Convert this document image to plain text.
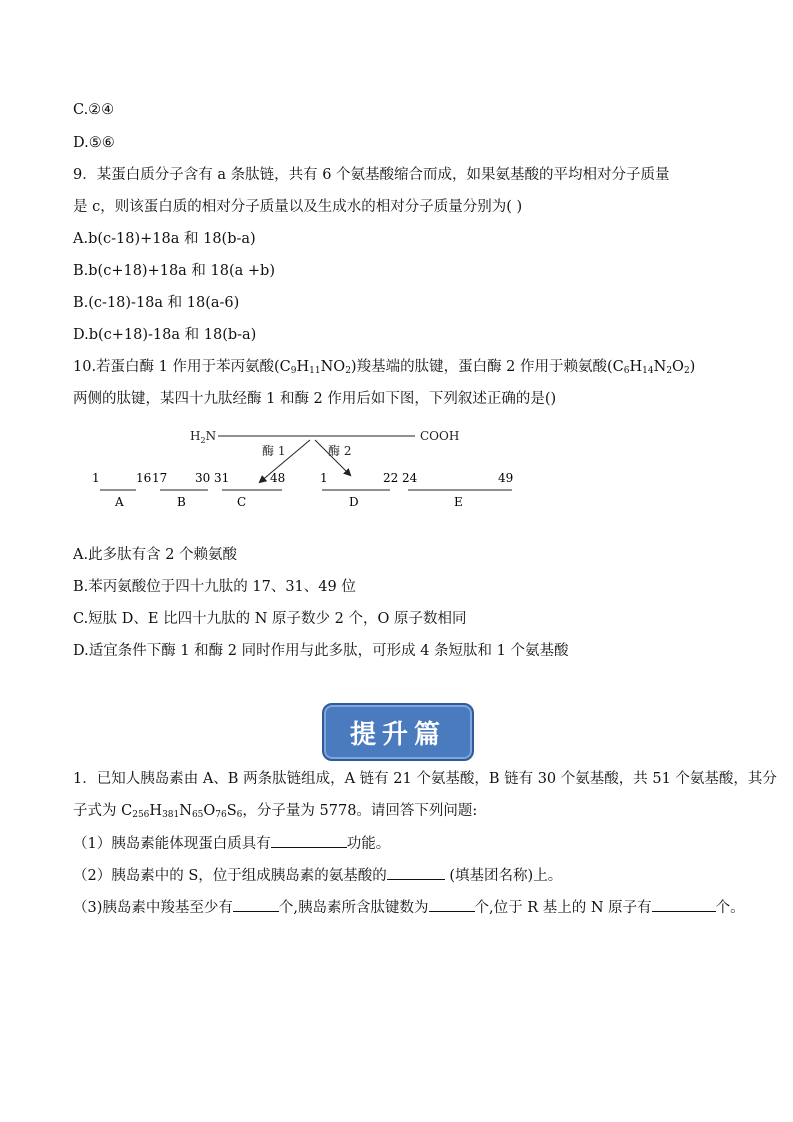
C.②④
D.⑤⑥
9．某蛋白质分子含有 a 条肽链，共有 6 个氨基酸缩合而成，如果氨基酸的平均相对分子质量
是 c，则该蛋白质的相对分子质量以及生成水的相对分子质量分别为( )
A.b(c-18)+18a 和 18(b-a)
B.b(c+18)+18a 和 18(a +b)
B.(c-18)-18a 和 18(a-6)
D.b(c+18)-18a 和 18(b-a)
10.若蛋白酶 1 作用于苯丙氨酸$(C_9H_{11}NO_2)$羧基端的肽键，蛋白酶 2 作用于赖氨酸$(C_6H_{14}N_2O_2)$
两侧的肽键，某四十九肽经酶 1 和酶 2 作用后如下图，下列叙述正确的是()
$H_2N$	COOH
酶 1	酶 2
1	16 17 30 31	48	1	22 24	49
A	B	C	D	E
A.此多肽有含 2 个赖氨酸
B.苯丙氨酸位于四十九肽的 17、31、49 位
C.短肽 D、E 比四十九肽的 N 原子数少 2 个，O 原子数相同
D.适宜条件下酶 1 和酶 2 同时作用与此多肽，可形成 4 条短肽和 1 个氨基酸
提升篇
1．已知人胰岛素由 A、B 两条肽链组成，A 链有 21 个氨基酸，B 链有 30 个氨基酸，共 51 个氨基酸，其分
子式为 $C_{256}H_{381}N_{65}O_{76}S_6$，分子量为 5778。请回答下列问题:
（1）胰岛素能体现蛋白质具有	功能。
（2）胰岛素中的 S，位于组成胰岛素的氨基酸的	(填基团名称)上。
（3)胰岛素中羧基至少有	个,胰岛素所含肽键数为	个,位于 R 基上的 N 原子有	个。
